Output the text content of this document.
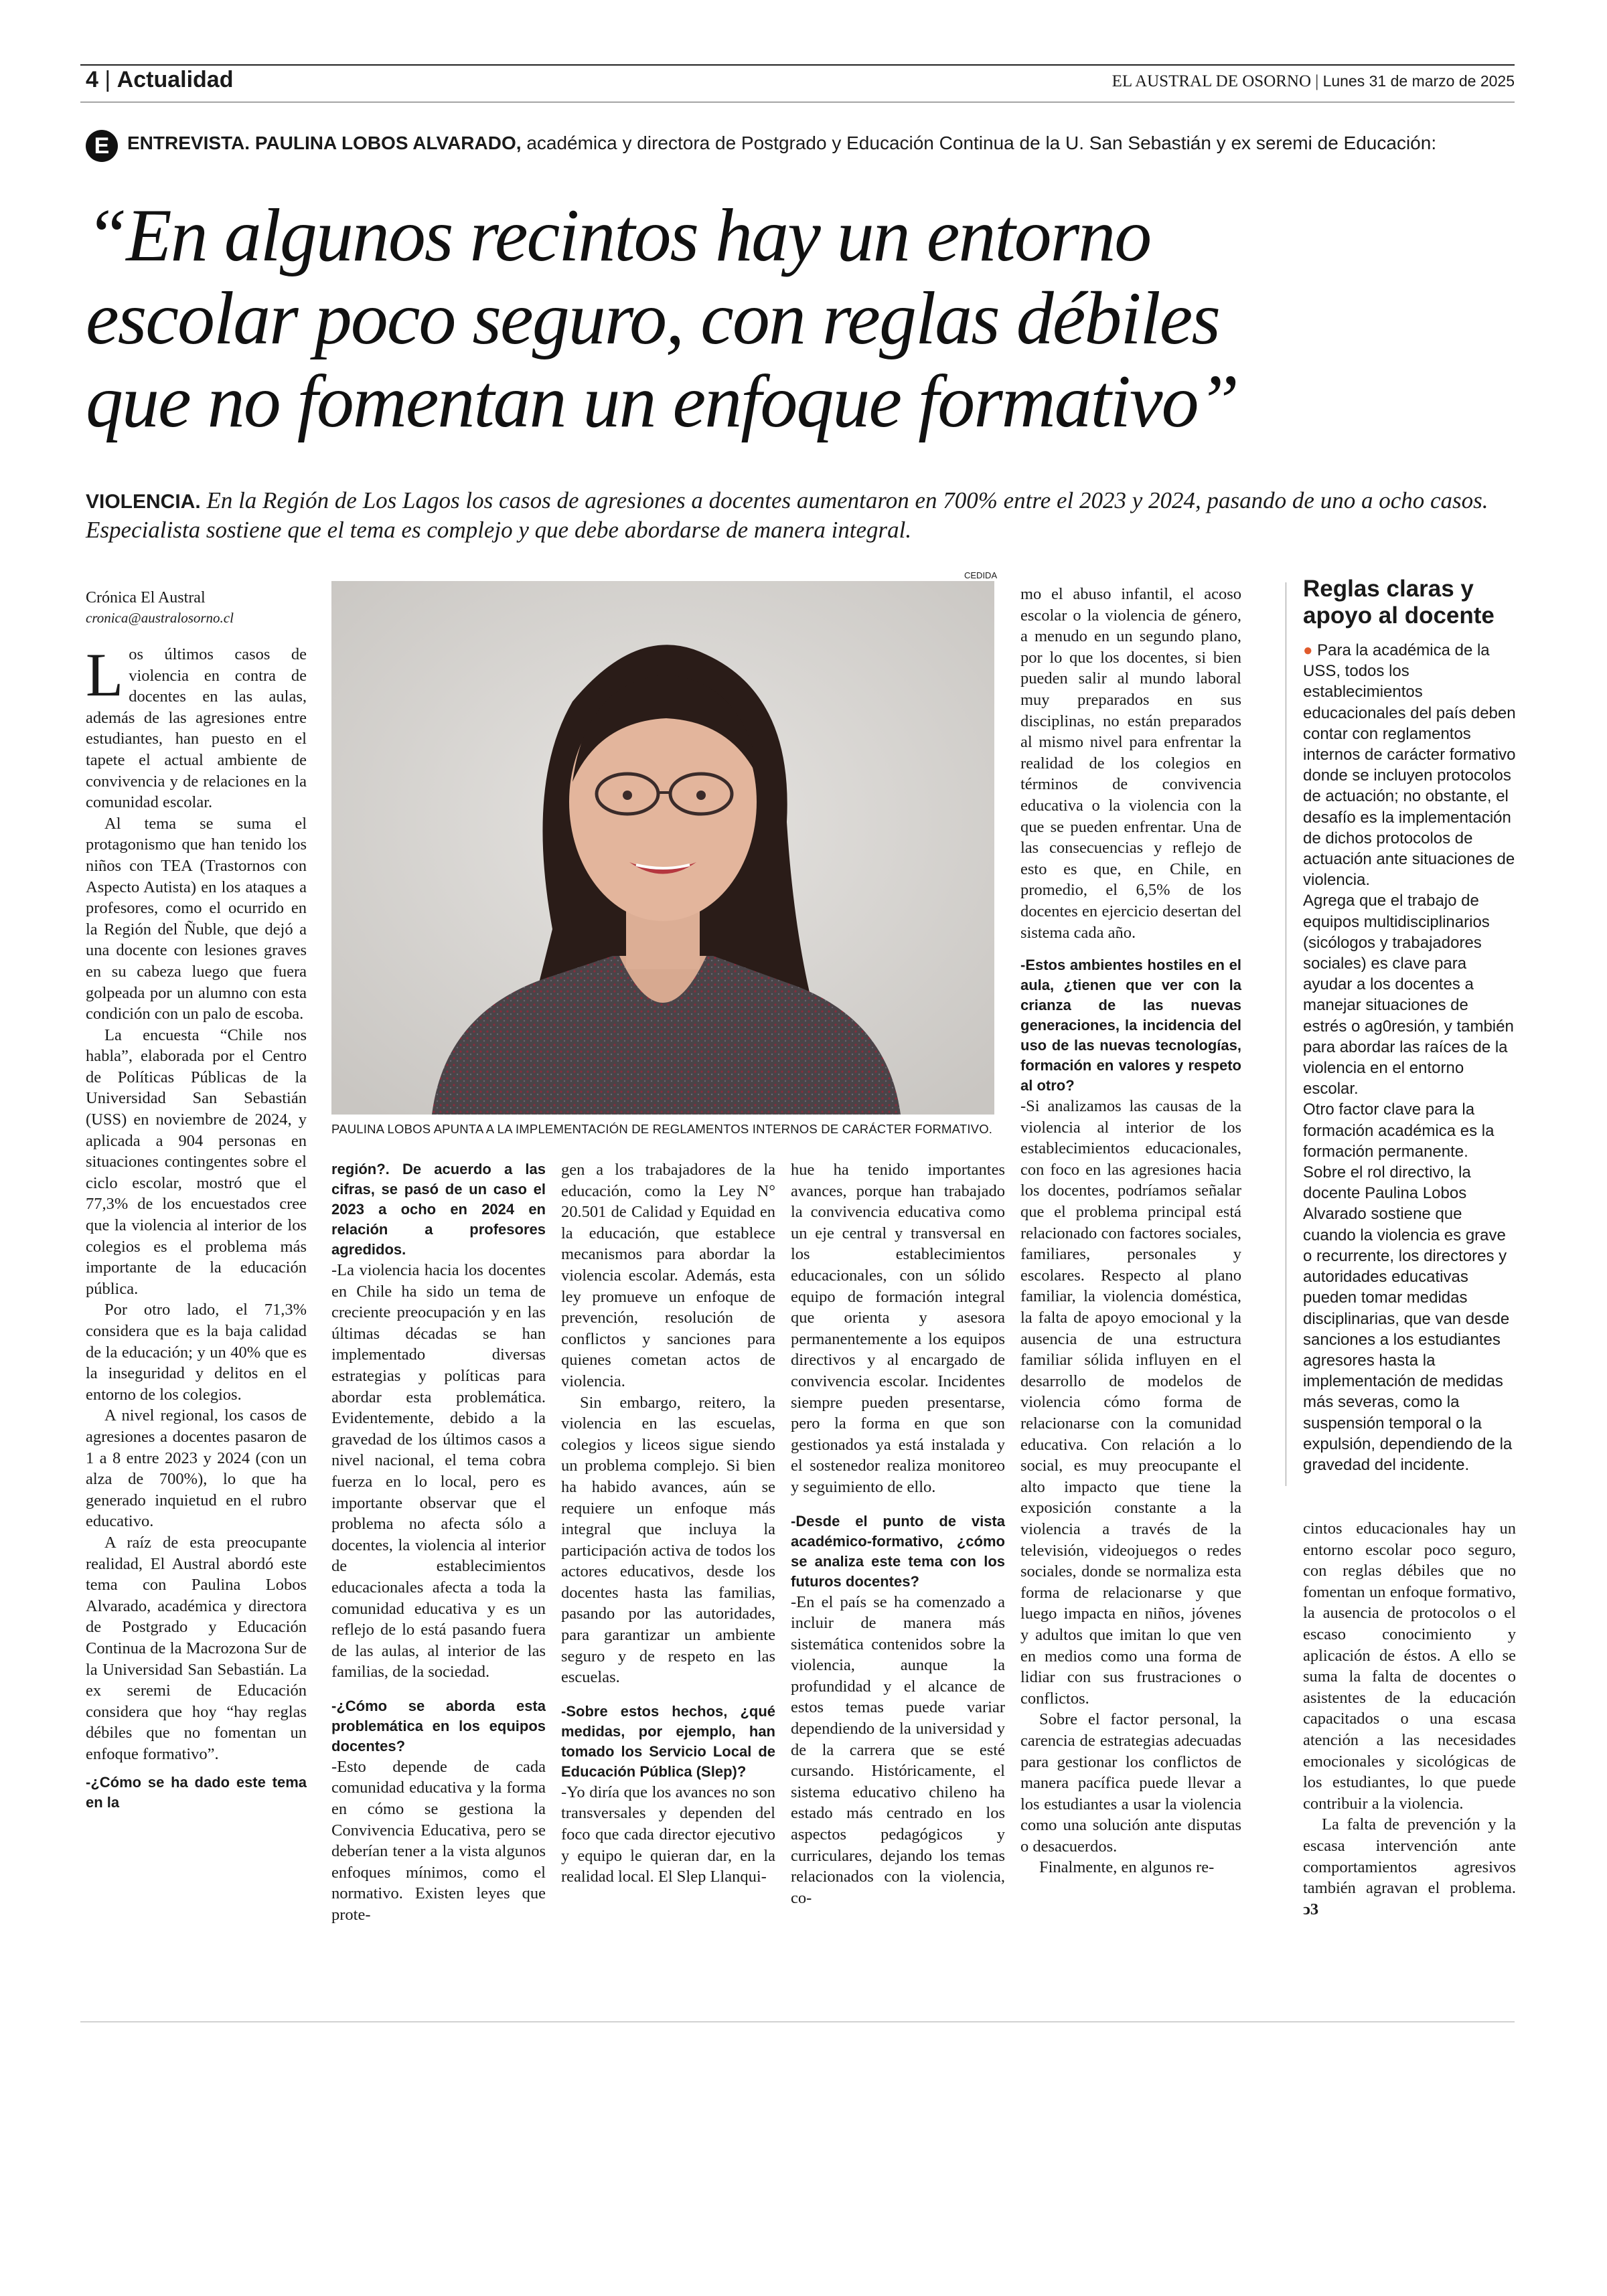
4 | Actualidad	EL AUSTRAL DE OSORNO | Lunes 31 de marzo de 2025
E ENTREVISTA. PAULINA LOBOS ALVARADO, académica y directora de Postgrado y Educación Continua de la U. San Sebastián y ex seremi de Educación:
“En algunos recintos hay un entorno
escolar poco seguro, con reglas débiles
que no fomentan un enfoque formativo”
VIOLENCIA. En la Región de Los Lagos los casos de agresiones a docentes aumentaron en 700% entre el 2023 y 2024, pasando de uno a ocho casos. Especialista sostiene que el tema es complejo y que debe abordarse de manera integral.
Crónica El Austral
cronica@australosorno.cl
CEDIDA
PAULINA LOBOS APUNTA A LA IMPLEMENTACIÓN DE REGLAMENTOS INTERNOS DE CARÁCTER FORMATIVO.

Los últimos casos de violencia en contra de docentes en las aulas, además de las agresiones entre estudiantes, han puesto en el tapete el actual ambiente de convivencia y de relaciones en la comunidad escolar.

Al tema se suma el protagonismo que han tenido los niños con TEA (Trastornos con Aspecto Autista) en los ataques a profesores, como el ocurrido en la Región del Ñuble, que dejó a una docente con lesiones graves en su cabeza luego que fuera golpeada por un alumno con esta condición con un palo de escoba.

La encuesta “Chile nos habla”, elaborada por el Centro de Políticas Públicas de la Universidad San Sebastián (USS) en noviembre de 2024, y aplicada a 904 personas en situaciones contingentes sobre el ciclo escolar, mostró que el 77,3% de los encuestados cree que la violencia al interior de los colegios es el problema más importante de la educación pública.

Por otro lado, el 71,3% considera que es la baja calidad de la educación; y un 40% que es la inseguridad y delitos en el entorno de los colegios.

A nivel regional, los casos de agresiones a docentes pasaron de 1 a 8 entre 2023 y 2024 (con un alza de 700%), lo que ha generado inquietud en el rubro educativo.

A raíz de esta preocupante realidad, El Austral abordó este tema con Paulina Lobos Alvarado, académica y directora de Postgrado y Educación Continua de la Macrozona Sur de la Universidad San Sebastián. La ex seremi de Educación considera que hoy “hay reglas débiles que no fomentan un enfoque formativo”.

-¿Cómo se ha dado este tema en la

región?. De acuerdo a las cifras, se pasó de un caso el 2023 a ocho en 2024 en relación a profesores agredidos.

-La violencia hacia los docentes en Chile ha sido un tema de creciente preocupación y en las últimas décadas se han implementado diversas estrategias y políticas para abordar esta problemática. Evidentemente, debido a la gravedad de los últimos casos a nivel nacional, el tema cobra fuerza en lo local, pero es importante observar que el problema no afecta sólo a docentes, la violencia al interior de establecimientos educacionales afecta a toda la comunidad educativa y es un reflejo de lo está pasando fuera de las aulas, al interior de las familias, de la sociedad.

-¿Cómo se aborda esta problemática en los equipos docentes?

-Esto depende de cada comunidad educativa y la forma en cómo se gestiona la Convivencia Educativa, pero se deberían tener a la vista algunos enfoques mínimos, como el normativo. Existen leyes que prote-

gen a los trabajadores de la educación, como la Ley N° 20.501 de Calidad y Equidad en la educación, que establece mecanismos para abordar la violencia escolar. Además, esta ley promueve un enfoque de prevención, resolución de conflictos y sanciones para quienes cometan actos de violencia.

Sin embargo, reitero, la violencia en las escuelas, colegios y liceos sigue siendo un problema complejo. Si bien ha habido avances, aún se requiere un enfoque más integral que incluya la participación activa de todos los actores educativos, desde los docentes hasta las familias, pasando por las autoridades, para garantizar un ambiente seguro y de respeto en las escuelas.

-Sobre estos hechos, ¿qué medidas, por ejemplo, han tomado los Servicio Local de Educación Pública (Slep)?

-Yo diría que los avances no son transversales y dependen del foco que cada director ejecutivo y equipo le quieran dar, en la realidad local. El Slep Llanqui-

hue ha tenido importantes avances, porque han trabajado la convivencia educativa como un eje central y transversal en los establecimientos educacionales, con un sólido equipo de formación integral que orienta y asesora permanentemente a los equipos directivos y al encargado de convivencia escolar. Incidentes siempre pueden presentarse, pero la forma en que son gestionados ya está instalada y el sostenedor realiza monitoreo y seguimiento de ello.

-Desde el punto de vista académico-formativo, ¿cómo se analiza este tema con los futuros docentes?

-En el país se ha comenzado a incluir de manera más sistemática contenidos sobre la violencia, aunque la profundidad y el alcance de estos temas puede variar dependiendo de la universidad y de la carrera que se esté cursando. Históricamente, el sistema educativo chileno ha estado más centrado en los aspectos pedagógicos y curriculares, dejando los temas relacionados con la violencia, co-

mo el abuso infantil, el acoso escolar o la violencia de género, a menudo en un segundo plano, por lo que los docentes, si bien pueden salir al mundo laboral muy preparados en sus disciplinas, no están preparados al mismo nivel para enfrentar la realidad de los colegios en términos de convivencia educativa o la violencia con la que se pueden enfrentar. Una de las consecuencias y reflejo de esto es que, en Chile, en promedio, el 6,5% de los docentes en ejercicio desertan del sistema cada año.

-Estos ambientes hostiles en el aula, ¿tienen que ver con la crianza de las nuevas generaciones, la incidencia del uso de las nuevas tecnologías, formación en valores y respeto al otro?

-Si analizamos las causas de la violencia al interior de los establecimientos educacionales, con foco en las agresiones hacia los docentes, podríamos señalar que el problema principal está relacionado con factores sociales, familiares, personales y escolares. Respecto al plano familiar, la violencia doméstica, la falta de apoyo emocional y la ausencia de una estructura familiar sólida influyen en el desarrollo de modelos de violencia cómo forma de relacionarse con la comunidad educativa. Con relación a lo social, es muy preocupante el alto impacto que tiene la exposición constante a la violencia a través de la televisión, videojuegos o redes sociales, donde se normaliza esta forma de relacionarse y que luego impacta en niños, jóvenes y adultos que imitan lo que ven en medios como una forma de lidiar con sus frustraciones o conflictos.

Sobre el factor personal, la carencia de estrategias adecuadas para gestionar los conflictos de manera pacífica puede llevar a los estudiantes a usar la violencia como una solución ante disputas o desacuerdos.

Finalmente, en algunos re-

Reglas claras y apoyo al docente

● Para la académica de la USS, todos los establecimientos educacionales del país deben contar con reglamentos internos de carácter formativo donde se incluyen protocolos de actuación; no obstante, el desafío es la implementación de dichos protocolos de actuación ante situaciones de violencia.

Agrega que el trabajo de equipos multidisciplinarios (sicólogos y trabajadores sociales) es clave para ayudar a los docentes a manejar situaciones de estrés o ag0resión, y también para abordar las raíces de la violencia en el entorno escolar.

Otro factor clave para la formación académica es la formación permanente.

Sobre el rol directivo, la docente Paulina Lobos Alvarado sostiene que cuando la violencia es grave o recurrente, los directores y autoridades educativas pueden tomar medidas disciplinarias, que van desde sanciones a los estudiantes agresores hasta la implementación de medidas más severas, como la suspensión temporal o la expulsión, dependiendo de la gravedad del incidente.

cintos educacionales hay un entorno escolar poco seguro, con reglas débiles que no fomentan un enfoque formativo, la ausencia de protocolos o el escaso conocimiento y aplicación de éstos. A ello se suma la falta de docentes o asistentes de la educación capacitados o una escasa atención a las necesidades emocionales y sicológicas de los estudiantes, lo que puede contribuir a la violencia.

La falta de prevención y la escasa intervención ante comportamientos agresivos también agravan el problema. ↄ3
